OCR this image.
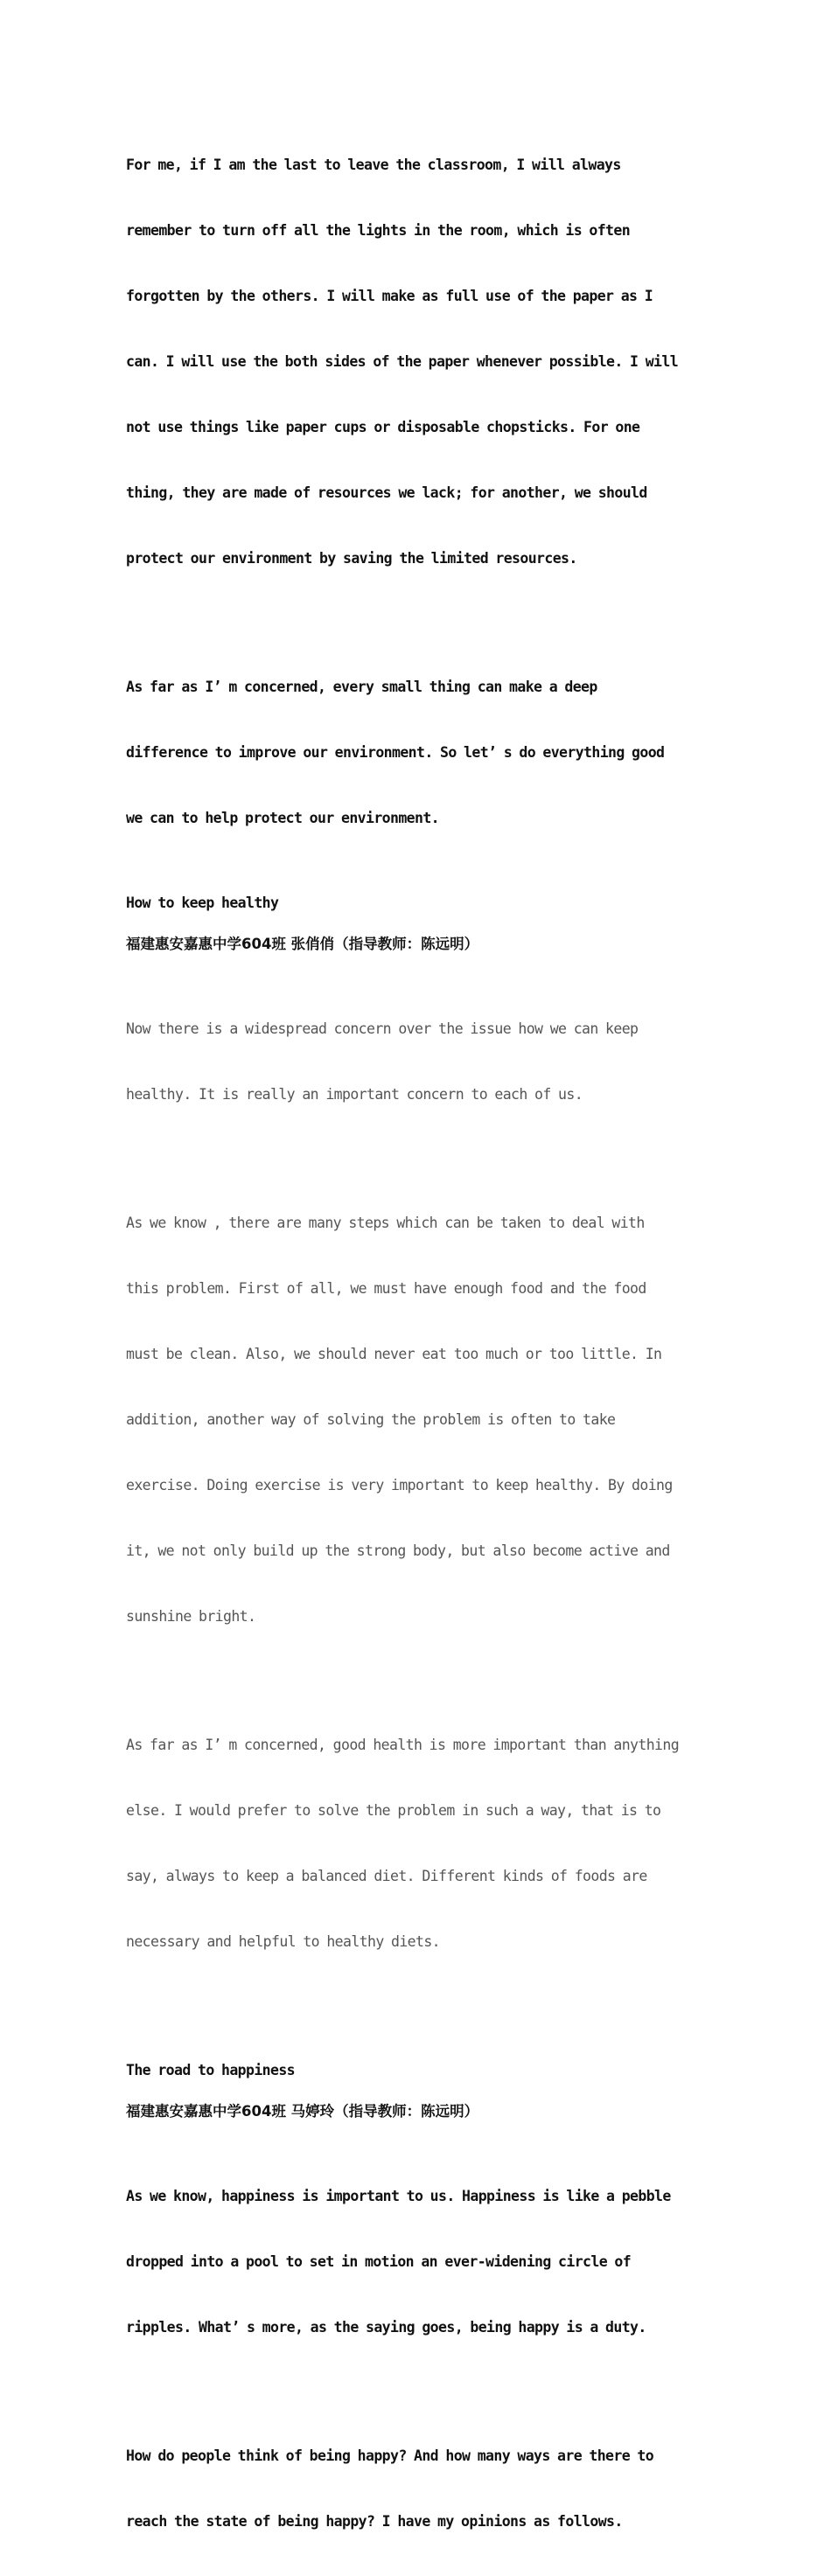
For me, if I am the last to leave the classroom, I will always

remember to turn off all the lights in the room, which is often

forgotten by the others. I will make as full use of the paper as I

can. I will use the both sides of the paper whenever possible. I will

not use things like paper cups or disposable chopsticks. For one

thing, they are made of resources we lack; for another, we should

protect our environment by saving the limited resources.

As far as I’ m concerned, every small thing can make a deep

difference to improve our environment. So let’ s do everything good

we can to help protect our environment.

How to keep healthy
福建惠安嘉惠中学604班 张俏俏（指导教师：陈远明）

Now there is a widespread concern over the issue how we can keep

healthy. It is really an important concern to each of us.

As we know , there are many steps which can be taken to deal with

this problem. First of all, we must have enough food and the food

must be clean. Also, we should never eat too much or too little. In

addition, another way of solving the problem is often to take

exercise. Doing exercise is very important to keep healthy. By doing

it, we not only build up the strong body, but also become active and

sunshine bright.

As far as I’ m concerned, good health is more important than anything

else. I would prefer to solve the problem in such a way, that is to

say, always to keep a balanced diet. Different kinds of foods are

necessary and helpful to healthy diets.

The road to happiness
福建惠安嘉惠中学604班 马婷玲（指导教师：陈远明）

As we know, happiness is important to us. Happiness is like a pebble

dropped into a pool to set in motion an ever-widening circle of

ripples. What’ s more, as the saying goes, being happy is a duty.

How do people think of being happy? And how many ways are there to

reach the state of being happy? I have my opinions as follows.
